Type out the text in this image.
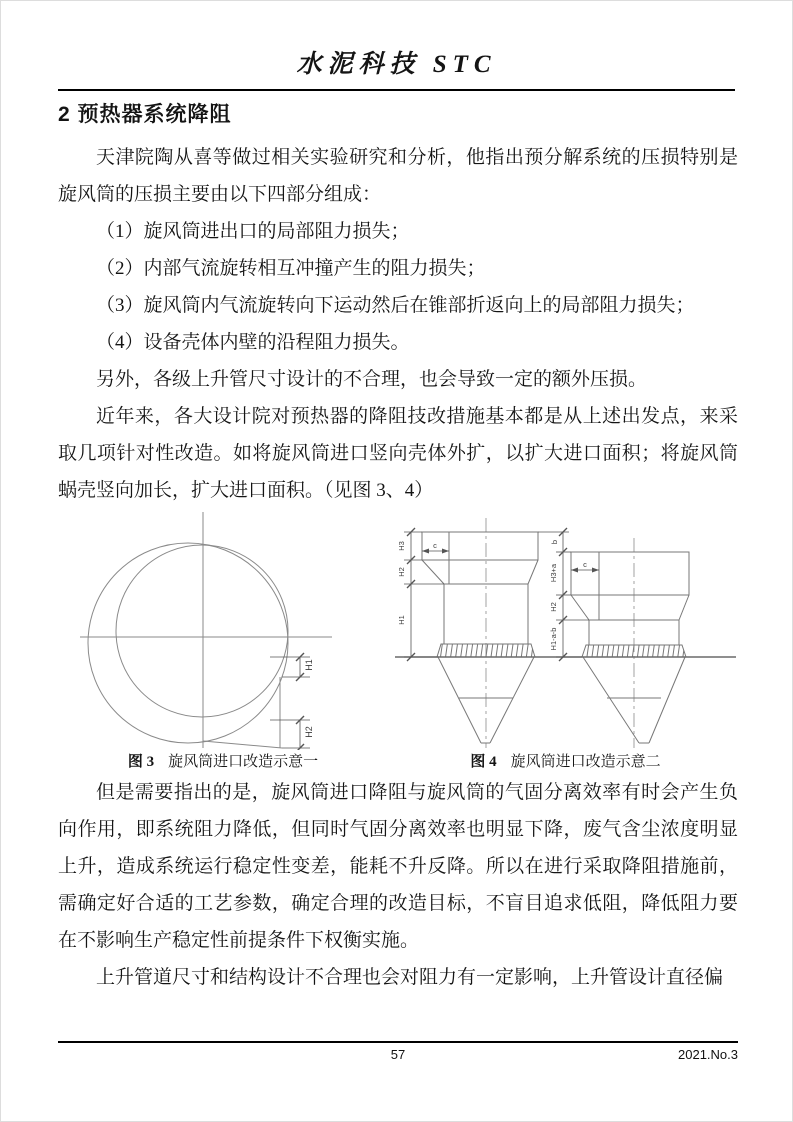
水泥科技 STC
2 预热器系统降阻

天津院陶从喜等做过相关实验研究和分析，他指出预分解系统的压损特别是旋风筒的压损主要由以下四部分组成：

（1）旋风筒进出口的局部阻力损失；

（2）内部气流旋转相互冲撞产生的阻力损失；

（3）旋风筒内气流旋转向下运动然后在锥部折返向上的局部阻力损失；

（4）设备壳体内壁的沿程阻力损失。

另外，各级上升管尺寸设计的不合理，也会导致一定的额外压损。

近年来，各大设计院对预热器的降阻技改措施基本都是从上述出发点，来采取几项针对性改造。如将旋风筒进口竖向壳体外扩，以扩大进口面积；将旋风筒蜗壳竖向加长，扩大进口面积。（见图 3、4）

H1
H2
图 3 旋风筒进口改造示意一
H3
H2
H1
c	b
H3+a
H2
H1-a-b
c
图 4 旋风筒进口改造示意二

但是需要指出的是，旋风筒进口降阻与旋风筒的气固分离效率有时会产生负向作用，即系统阻力降低，但同时气固分离效率也明显下降，废气含尘浓度明显上升，造成系统运行稳定性变差，能耗不升反降。所以在进行采取降阻措施前，需确定好合适的工艺参数，确定合理的改造目标，不盲目追求低阻，降低阻力要在不影响生产稳定性前提条件下权衡实施。

上升管道尺寸和结构设计不合理也会对阻力有一定影响，上升管设计直径偏

57	2021.No.3
